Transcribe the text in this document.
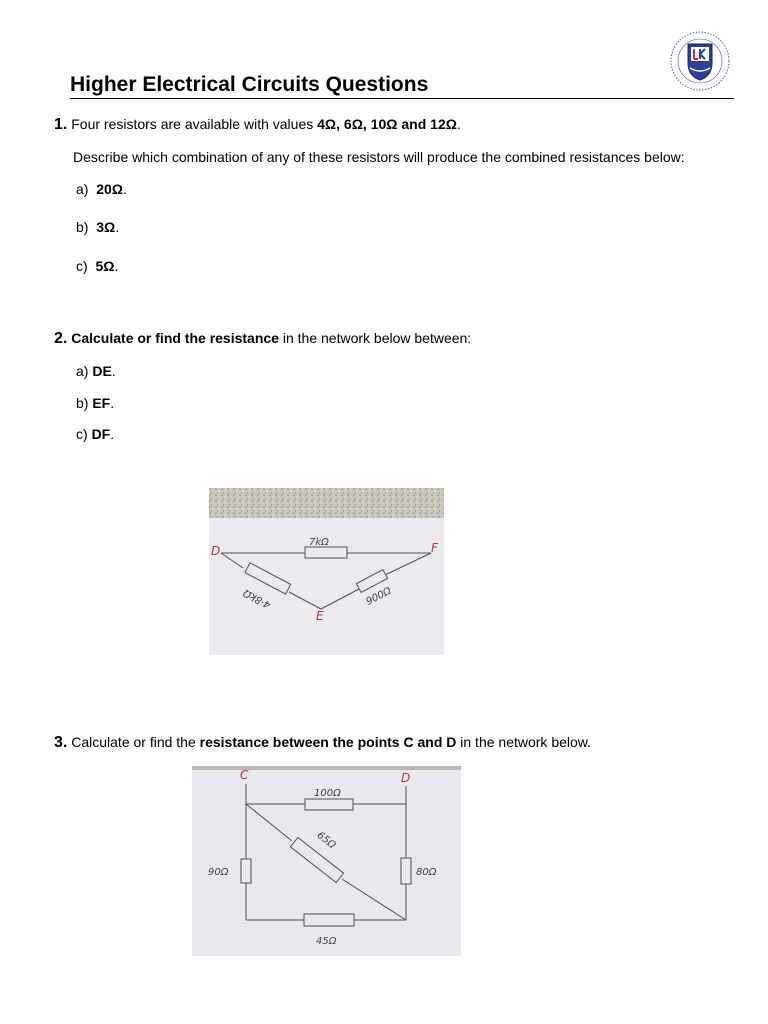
Higher Electrical Circuits Questions
1. Four resistors are available with values 4Ω, 6Ω, 10Ω and 12Ω.
Describe which combination of any of these resistors will produce the combined resistances below:
a) 20Ω.
b) 3Ω.
c) 5Ω.
2. Calculate or find the resistance in the network below between:
a) DE.
b) EF.
c) DF.
D	F
E
7kΩ
4·8kΩ	900Ω
3. Calculate or find the resistance between the points C and D in the network below.
C	D
100Ω
65Ω
90Ω	80Ω
45Ω
